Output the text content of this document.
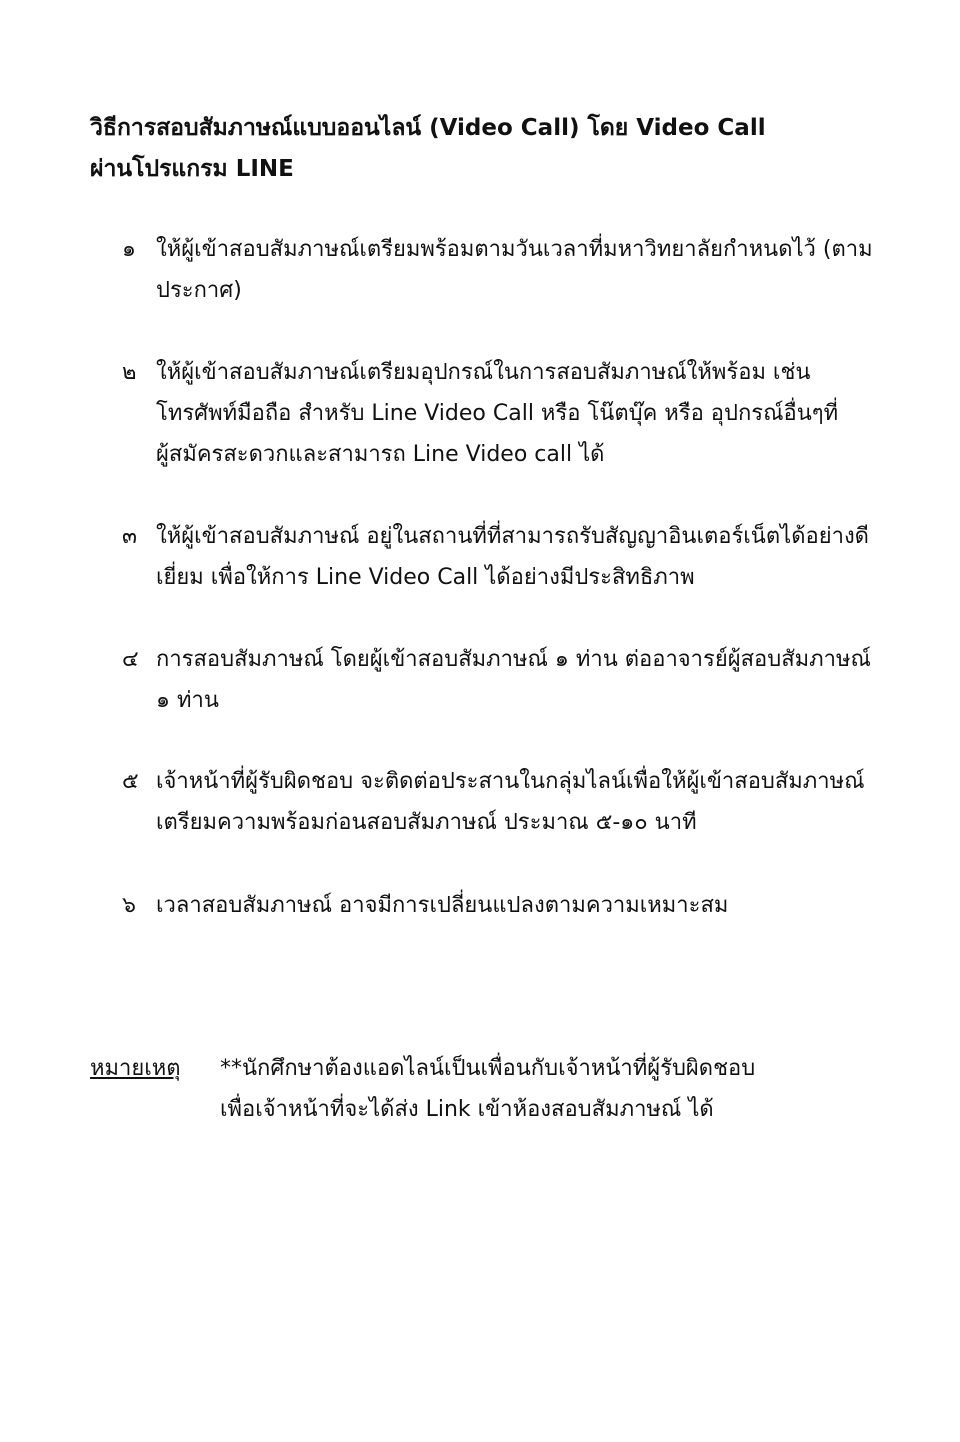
วิธีการสอบสัมภาษณ์แบบออนไลน์ (Video Call) โดย Video Call
ผ่านโปรแกรม LINE
๑ ให้ผู้เข้าสอบสัมภาษณ์เตรียมพร้อมตามวันเวลาที่มหาวิทยาลัยกำหนดไว้ (ตาม
ประกาศ)
๒ ให้ผู้เข้าสอบสัมภาษณ์เตรียมอุปกรณ์ในการสอบสัมภาษณ์ให้พร้อม เช่น
โทรศัพท์มือถือ สำหรับ Line Video Call หรือ โน๊ตบุ๊ค หรือ อุปกรณ์อื่นๆที่
ผู้สมัครสะดวกและสามารถ Line Video call ได้
๓ ให้ผู้เข้าสอบสัมภาษณ์ อยู่ในสถานที่ที่สามารถรับสัญญาอินเตอร์เน็ตได้อย่างดี
เยี่ยม เพื่อให้การ Line Video Call ได้อย่างมีประสิทธิภาพ
๔ การสอบสัมภาษณ์ โดยผู้เข้าสอบสัมภาษณ์ ๑ ท่าน ต่ออาจารย์ผู้สอบสัมภาษณ์
๑ ท่าน
๕ เจ้าหน้าที่ผู้รับผิดชอบ จะติดต่อประสานในกลุ่มไลน์เพื่อให้ผู้เข้าสอบสัมภาษณ์
เตรียมความพร้อมก่อนสอบสัมภาษณ์ ประมาณ ๕-๑๐ นาที
๖ เวลาสอบสัมภาษณ์ อาจมีการเปลี่ยนแปลงตามความเหมาะสม
หมายเหตุ **นักศึกษาต้องแอดไลน์เป็นเพื่อนกับเจ้าหน้าที่ผู้รับผิดชอบ
เพื่อเจ้าหน้าที่จะได้ส่ง Link เข้าห้องสอบสัมภาษณ์ ได้
